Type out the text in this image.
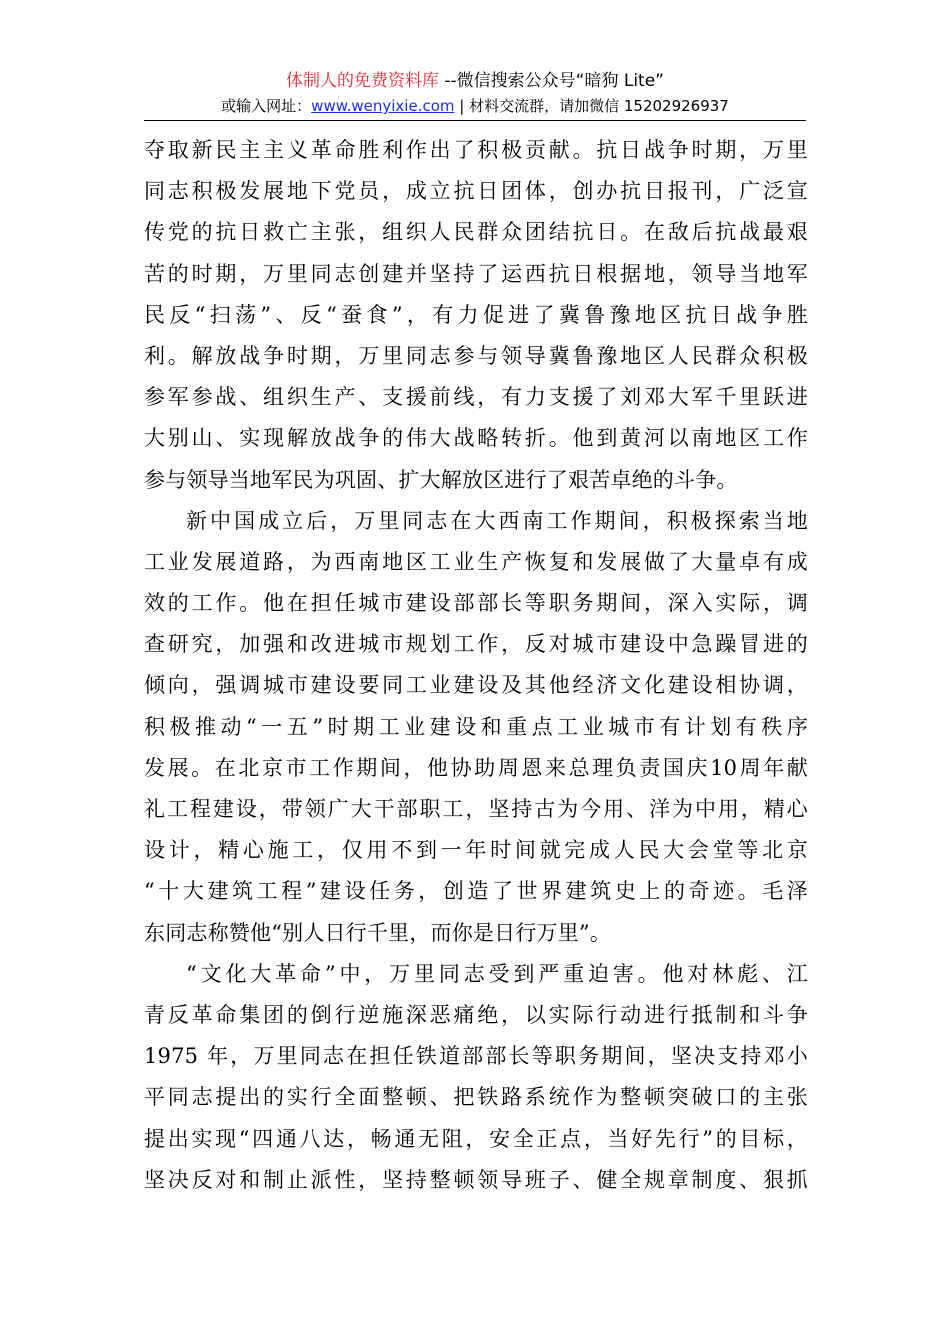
体制人的免费资料库 --微信搜索公众号“暗狗 Lite”
或输入网址：www.wenyixie.com | 材料交流群，请加微信 15202926937
夺取新民主主义革命胜利作出了积极贡献。抗日战争时期，万里
同志积极发展地下党员，成立抗日团体，创办抗日报刊，广泛宣
传党的抗日救亡主张，组织人民群众团结抗日。在敌后抗战最艰
苦的时期，万里同志创建并坚持了运西抗日根据地，领导当地军
民反“扫荡”、反“蚕食”，有力促进了冀鲁豫地区抗日战争胜
利。解放战争时期，万里同志参与领导冀鲁豫地区人民群众积极
参军参战、组织生产、支援前线，有力支援了刘邓大军千里跃进
大别山、实现解放战争的伟大战略转折。他到黄河以南地区工作
参与领导当地军民为巩固、扩大解放区进行了艰苦卓绝的斗争。
新中国成立后，万里同志在大西南工作期间，积极探索当地
工业发展道路，为西南地区工业生产恢复和发展做了大量卓有成
效的工作。他在担任城市建设部部长等职务期间，深入实际，调
查研究，加强和改进城市规划工作，反对城市建设中急躁冒进的
倾向，强调城市建设要同工业建设及其他经济文化建设相协调，
积极推动“一五”时期工业建设和重点工业城市有计划有秩序
发展。在北京市工作期间，他协助周恩来总理负责国庆10周年献
礼工程建设，带领广大干部职工，坚持古为今用、洋为中用，精心
设计，精心施工，仅用不到一年时间就完成人民大会堂等北京
“十大建筑工程”建设任务，创造了世界建筑史上的奇迹。毛泽
东同志称赞他“别人日行千里，而你是日行万里”。
“文化大革命”中，万里同志受到严重迫害。他对林彪、江
青反革命集团的倒行逆施深恶痛绝，以实际行动进行抵制和斗争
1975 年，万里同志在担任铁道部部长等职务期间，坚决支持邓小
平同志提出的实行全面整顿、把铁路系统作为整顿突破口的主张
提出实现“四通八达，畅通无阻，安全正点，当好先行”的目标，
坚决反对和制止派性，坚持整顿领导班子、健全规章制度、狠抓
